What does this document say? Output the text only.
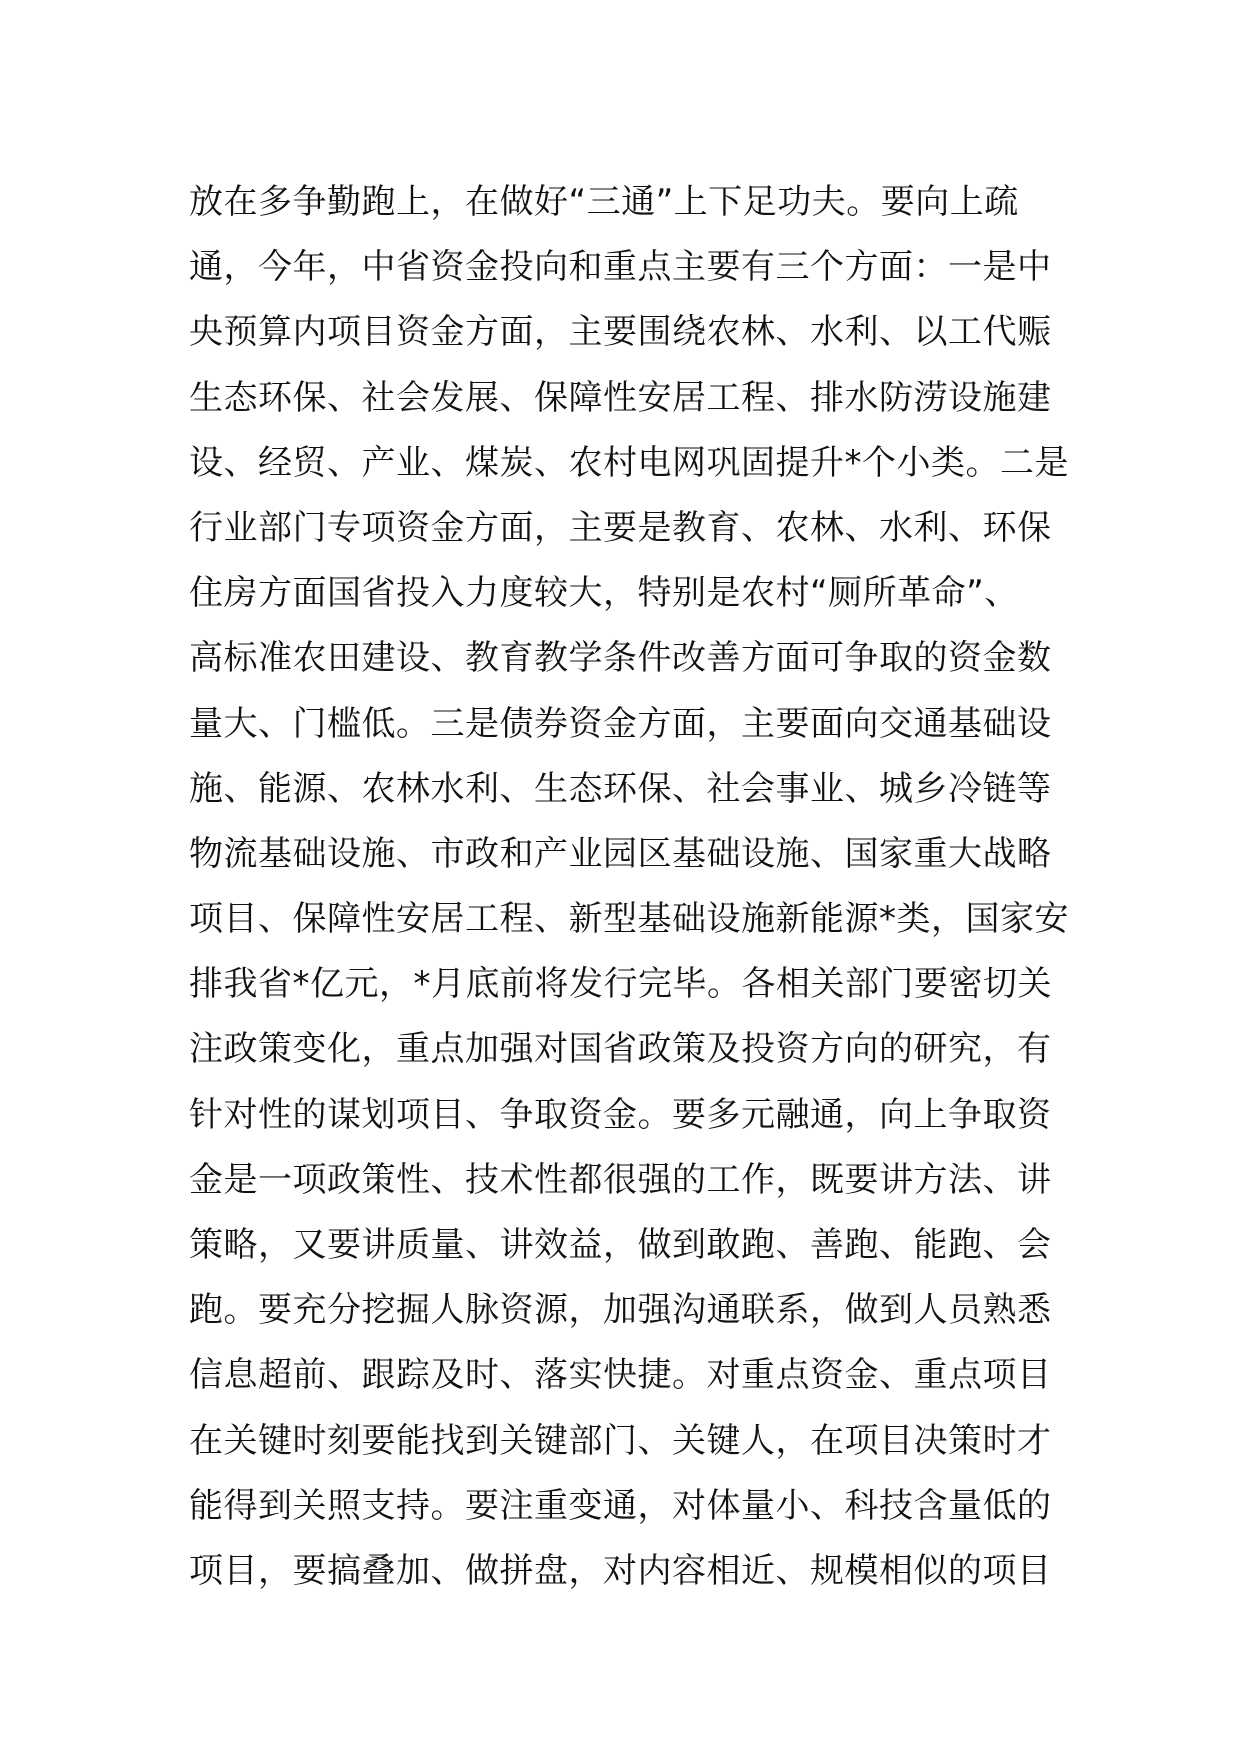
放在多争勤跑上，在做好“三通”上下足功夫。要向上疏
通，今年，中省资金投向和重点主要有三个方面：一是中
央预算内项目资金方面，主要围绕农林、水利、以工代赈
生态环保、社会发展、保障性安居工程、排水防涝设施建
设、经贸、产业、煤炭、农村电网巩固提升*个小类。二是
行业部门专项资金方面，主要是教育、农林、水利、环保
住房方面国省投入力度较大，特别是农村“厕所革命”、
高标准农田建设、教育教学条件改善方面可争取的资金数
量大、门槛低。三是债券资金方面，主要面向交通基础设
施、能源、农林水利、生态环保、社会事业、城乡冷链等
物流基础设施、市政和产业园区基础设施、国家重大战略
项目、保障性安居工程、新型基础设施新能源*类，国家安
排我省*亿元，*月底前将发行完毕。各相关部门要密切关
注政策变化，重点加强对国省政策及投资方向的研究，有
针对性的谋划项目、争取资金。要多元融通，向上争取资
金是一项政策性、技术性都很强的工作，既要讲方法、讲
策略，又要讲质量、讲效益，做到敢跑、善跑、能跑、会
跑。要充分挖掘人脉资源，加强沟通联系，做到人员熟悉
信息超前、跟踪及时、落实快捷。对重点资金、重点项目
在关键时刻要能找到关键部门、关键人，在项目决策时才
能得到关照支持。要注重变通，对体量小、科技含量低的
项目，要搞叠加、做拼盘，对内容相近、规模相似的项目
